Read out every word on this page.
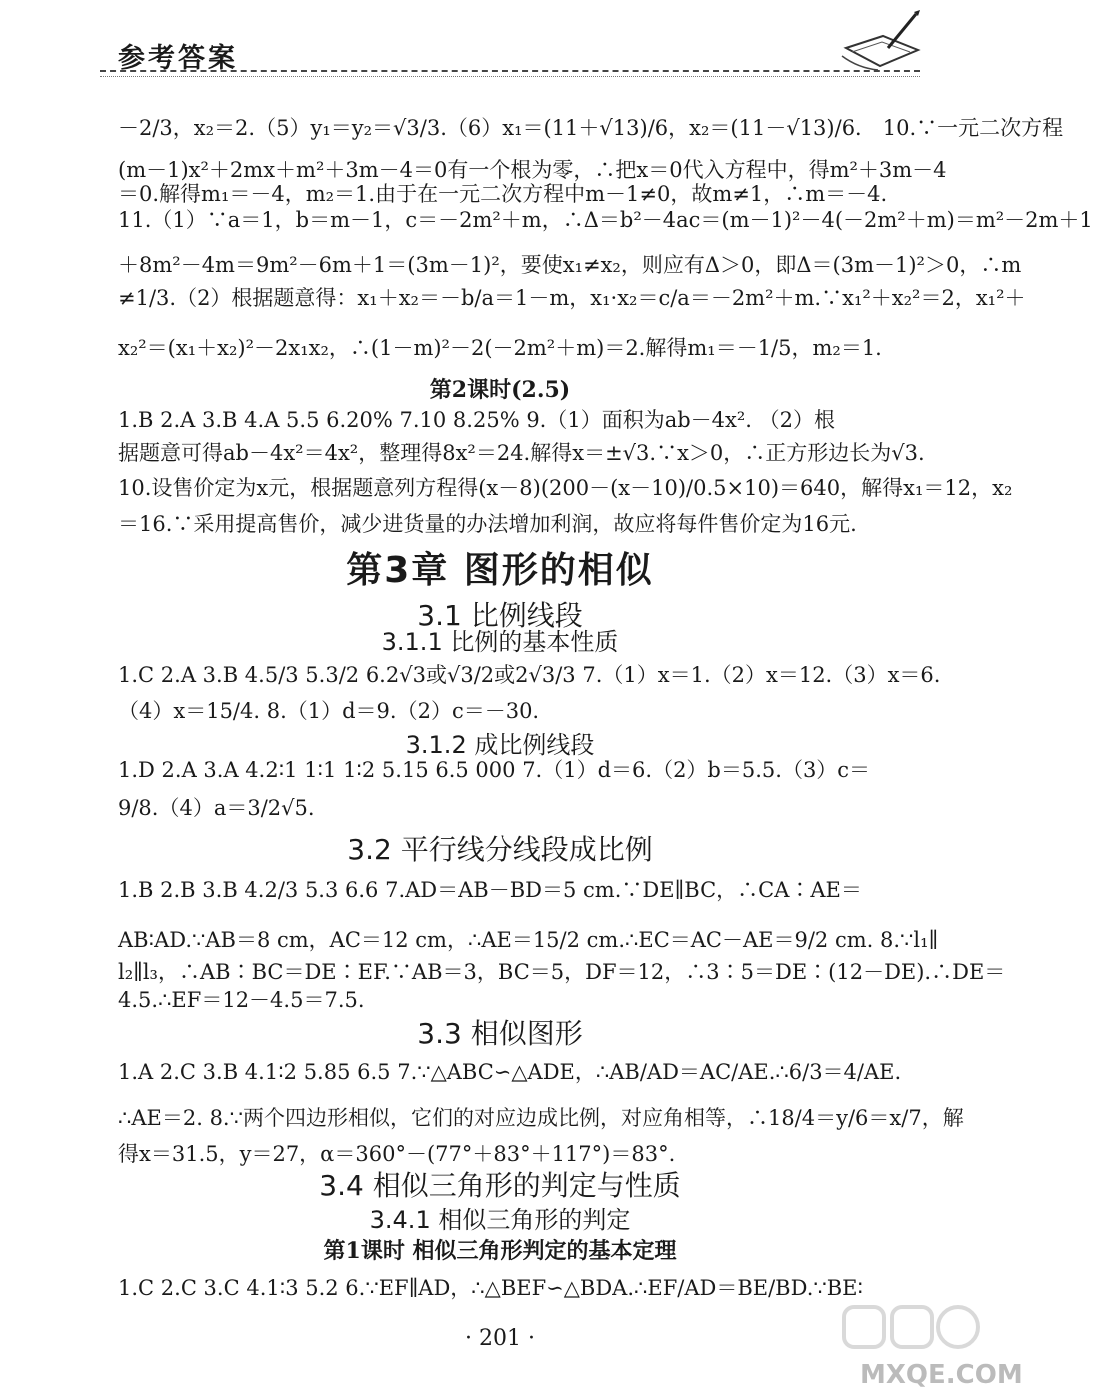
参考答案
－2/3，x₂＝2.（5）y₁＝y₂＝√3/3.（6）x₁＝(11＋√13)/6，x₂＝(11－√13)/6． 10.∵一元二次方程
(m－1)x²＋2mx＋m²＋3m－4＝0有一个根为零，∴把x＝0代入方程中，得m²＋3m－4
＝0.解得m₁＝－4，m₂＝1.由于在一元二次方程中m－1≠0，故m≠1，∴m＝－4.
11.（1）∵a＝1，b＝m－1，c＝－2m²＋m，∴Δ＝b²－4ac＝(m－1)²－4(－2m²＋m)＝m²－2m＋1
＋8m²－4m＝9m²－6m＋1＝(3m－1)²，要使x₁≠x₂，则应有Δ＞0，即Δ＝(3m－1)²＞0，∴m
≠1/3.（2）根据题意得：x₁＋x₂＝－b/a＝1－m，x₁·x₂＝c/a＝－2m²＋m.∵x₁²＋x₂²＝2，x₁²＋
x₂²＝(x₁＋x₂)²－2x₁x₂，∴(1－m)²－2(－2m²＋m)＝2.解得m₁＝－1/5，m₂＝1.
第2课时(2.5)
1.B 2.A 3.B 4.A 5.5 6.20% 7.10 8.25% 9.（1）面积为ab－4x². （2）根
据题意可得ab－4x²＝4x²，整理得8x²＝24.解得x＝±√3.∵x＞0，∴正方形边长为√3.
10.设售价定为x元，根据题意列方程得(x－8)(200－(x－10)/0.5×10)＝640，解得x₁＝12，x₂
＝16.∵采用提高售价，减少进货量的办法增加利润，故应将每件售价定为16元.
第3章 图形的相似
3.1 比例线段
3.1.1 比例的基本性质
1.C 2.A 3.B 4.5/3 5.3/2 6.2√3或√3/2或2√3/3 7.（1）x＝1.（2）x＝12.（3）x＝6.
（4）x＝15/4. 8.（1）d＝9.（2）c＝－30.
3.1.2 成比例线段
1.D 2.A 3.A 4.2∶1 1∶1 1∶2 5.15 6.5 000 7.（1）d＝6.（2）b＝5.5.（3）c＝
9/8.（4）a＝3/2√5.
3.2 平行线分线段成比例
1.B 2.B 3.B 4.2/3 5.3 6.6 7.AD＝AB－BD＝5 cm.∵DE∥BC，∴CA∶AE＝
AB∶AD.∵AB＝8 cm，AC＝12 cm，∴AE＝15/2 cm.∴EC＝AC－AE＝9/2 cm. 8.∵l₁∥
l₂∥l₃，∴AB∶BC＝DE∶EF.∵AB＝3，BC＝5，DF＝12，∴3∶5＝DE∶(12－DE).∴DE＝
4.5.∴EF＝12－4.5＝7.5.
3.3 相似图形
1.A 2.C 3.B 4.1∶2 5.85 6.5 7.∵△ABC∽△ADE，∴AB/AD＝AC/AE.∴6/3＝4/AE.
∴AE＝2. 8.∵两个四边形相似，它们的对应边成比例，对应角相等，∴18/4＝y/6＝x/7，解
得x＝31.5，y＝27，α＝360°－(77°＋83°＋117°)＝83°.
3.4 相似三角形的判定与性质
3.4.1 相似三角形的判定
第1课时 相似三角形判定的基本定理
1.C 2.C 3.C 4.1∶3 5.2 6.∵EF∥AD，∴△BEF∽△BDA.∴EF/AD＝BE/BD.∵BE∶
· 201 ·
MXQE.COM
